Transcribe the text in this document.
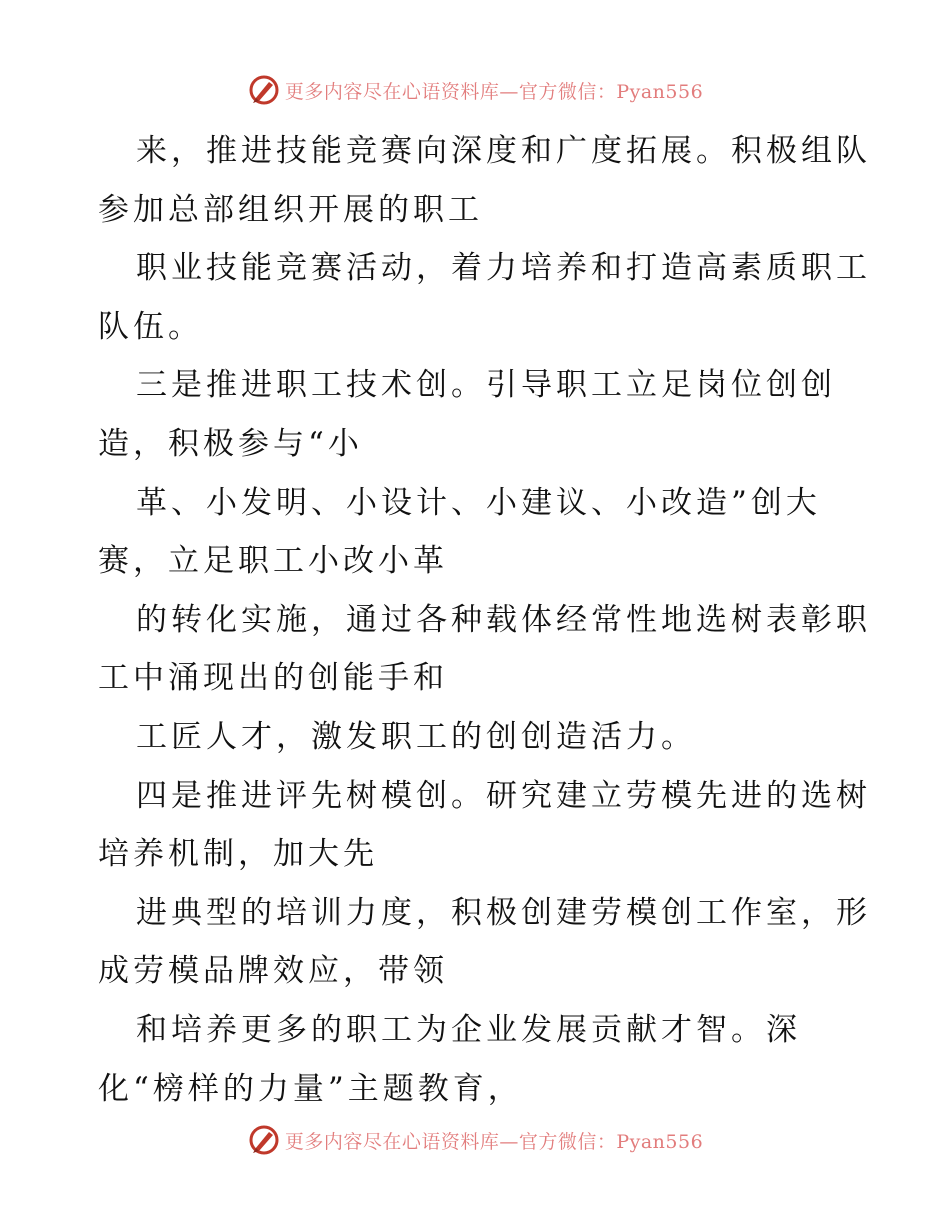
更多内容尽在心语资料库—官方微信：Pyan556
来，推进技能竞赛向深度和广度拓展。积极组队
参加总部组织开展的职工
职业技能竞赛活动，着力培养和打造高素质职工
队伍。
三是推进职工技术创。引导职工立足岗位创创
造，积极参与“小
革、小发明、小设计、小建议、小改造”创大
赛，立足职工小改小革
的转化实施，通过各种载体经常性地选树表彰职
工中涌现出的创能手和
工匠人才，激发职工的创创造活力。
四是推进评先树模创。研究建立劳模先进的选树
培养机制，加大先
进典型的培训力度，积极创建劳模创工作室，形
成劳模品牌效应，带领
和培养更多的职工为企业发展贡献才智。深
化“榜样的力量”主题教育，
更多内容尽在心语资料库—官方微信：Pyan556
